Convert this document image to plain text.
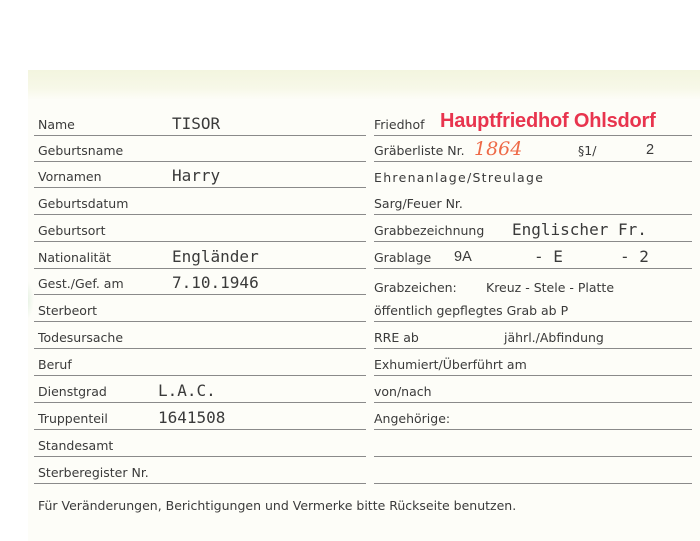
Name	TISOR
Geburtsname
Vornamen	Harry
Geburtsdatum
Geburtsort
Nationalität	Engländer
Gest./Gef. am	7.10.1946
Sterbeort
Todesursache
Beruf
Dienstgrad	L.A.C.
Truppenteil	1641508
Standesamt
Sterberegister Nr.
Friedhof Hauptfriedhof Ohlsdorf
Gräberliste Nr. 1864	§1/	2
Ehrenanlage/Streulage
Sarg/Feuer Nr.
Grabbezeichnung Englischer Fr.
Grablage 9A	- E	- 2
Grabzeichen: Kreuz - Stele - Platte
öffentlich gepflegtes Grab ab P
RRE ab	jährl./Abfindung
Exhumiert/Überführt am
von/nach
Angehörige:
Für Veränderungen, Berichtigungen und Vermerke bitte Rückseite benutzen.
